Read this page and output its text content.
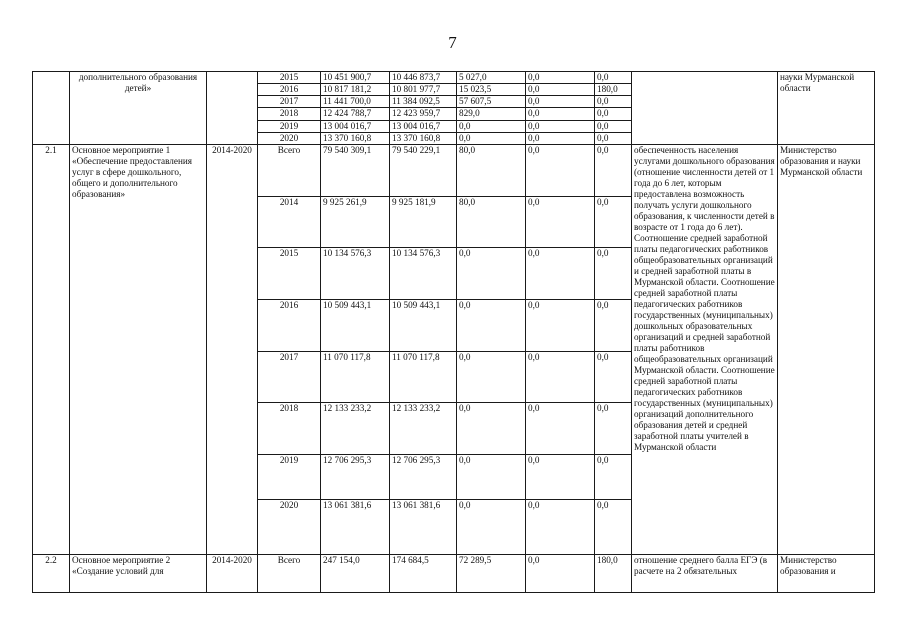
7
	дополнительного образования детей»		2015	10 451 900,7	10 446 873,7	5 027,0	0,0	0,0		науки Мурманской области
			2016	10 817 181,2	10 801 977,7	15 023,5	0,0	180,0		
			2017	11 441 700,0	11 384 092,5	57 607,5	0,0	0,0		
			2018	12 424 788,7	12 423 959,7	829,0	0,0	0,0		
			2019	13 004 016,7	13 004 016,7	0,0	0,0	0,0		
			2020	13 370 160,8	13 370 160,8	0,0	0,0	0,0		
2.1	Основное мероприятие 1 «Обеспечение предоставления услуг в сфере дошкольного, общего и дополнительного образования»	2014-2020	Всего	79 540 309,1	79 540 229,1	80,0	0,0	0,0	обеспеченность населения услугами дошкольного образования (отношение численности детей от 1 года до 6 лет, которым предоставлена возможность получать услуги дошкольного образования, к численности детей в возрасте от 1 года до 6 лет). Соотношение средней заработной платы педагогических работников общеобразовательных организаций и средней заработной платы в Мурманской области. Соотношение средней заработной платы педагогических работников государственных (муниципальных) дошкольных образовательных организаций и средней заработной платы работников общеобразовательных организаций Мурманской области. Соотношение средней заработной платы педагогических работников государственных (муниципальных) организаций дополнительного образования детей и средней заработной платы учителей в Мурманской области	Министерство образования и науки Мурманской области
			2014	9 925 261,9	9 925 181,9	80,0	0,0	0,0		
			2015	10 134 576,3	10 134 576,3	0,0	0,0	0,0		
			2016	10 509 443,1	10 509 443,1	0,0	0,0	0,0		
			2017	11 070 117,8	11 070 117,8	0,0	0,0	0,0		
			2018	12 133 233,2	12 133 233,2	0,0	0,0	0,0		
			2019	12 706 295,3	12 706 295,3	0,0	0,0	0,0		
			2020	13 061 381,6	13 061 381,6	0,0	0,0	0,0		
2.2	Основное мероприятие 2 «Создание условий для	2014-2020	Всего	247 154,0	174 684,5	72 289,5	0,0	180,0	отношение среднего балла ЕГЭ (в расчете на 2 обязательных	Министерство образования и
